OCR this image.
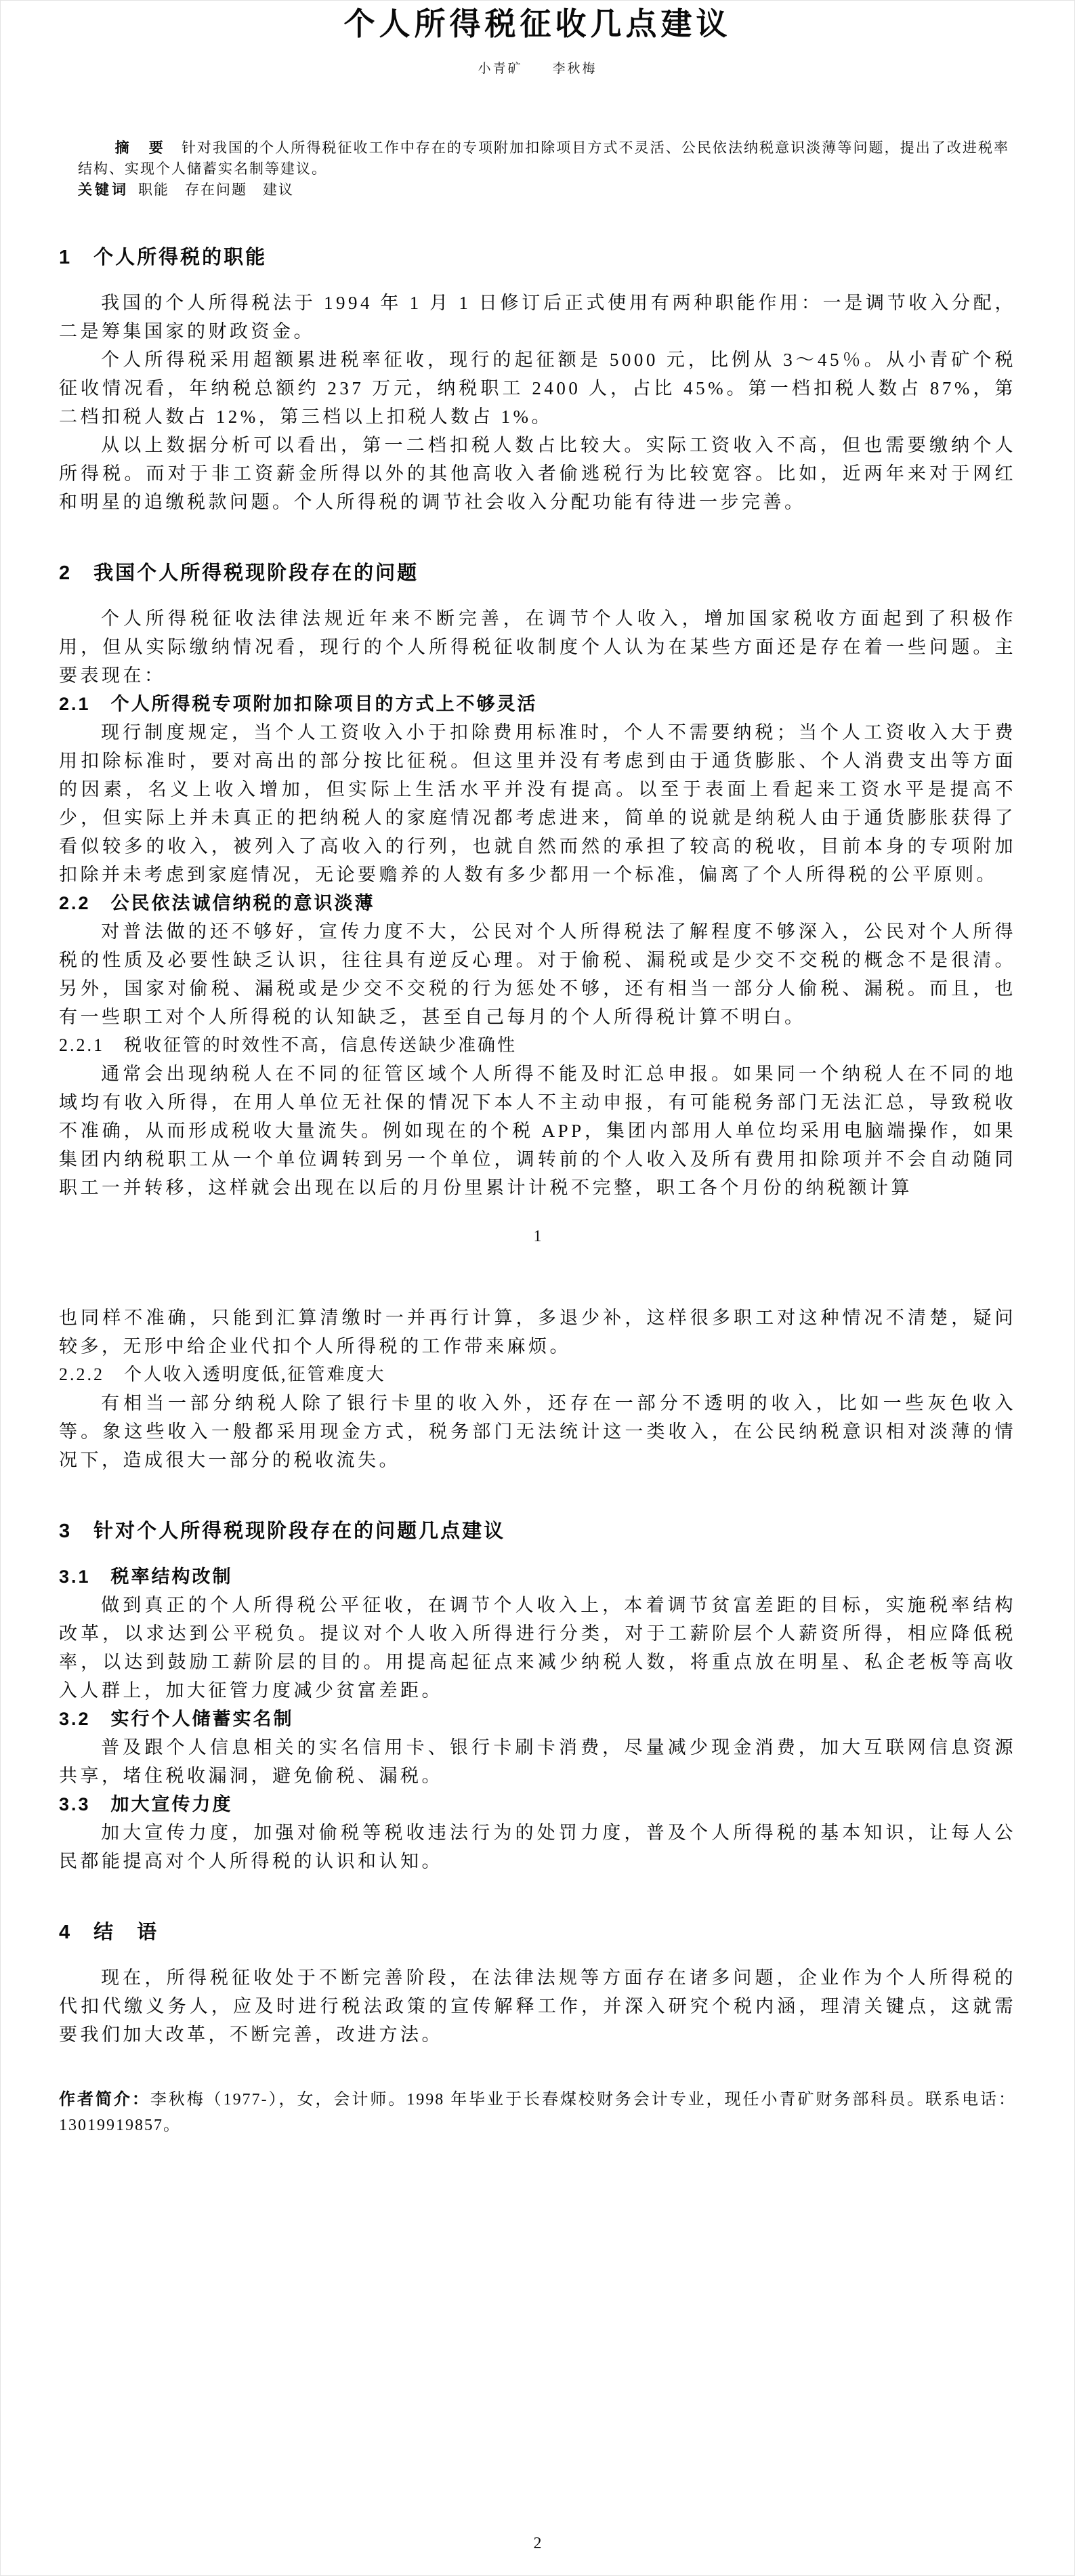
个人所得税征收几点建议
小青矿　　李秋梅

摘　要　 针对我国的个人所得税征收工作中存在的专项附加扣除项目方式不灵活、公民依法纳税意识淡薄等问题，提出了改进税率结构、实现个人储蓄实名制等建议。

关键词 职能　存在问题　建议

1　个人所得税的职能

我国的个人所得税法于 1994 年 1 月 1 日修订后正式使用有两种职能作用：一是调节收入分配，二是筹集国家的财政资金。

个人所得税采用超额累进税率征收，现行的起征额是 5000 元，比例从 3～45％。从小青矿个税征收情况看，年纳税总额约 237 万元，纳税职工 2400 人，占比 45%。第一档扣税人数占 87%，第二档扣税人数占 12%，第三档以上扣税人数占 1%。

从以上数据分析可以看出，第一二档扣税人数占比较大。实际工资收入不高，但也需要缴纳个人所得税。而对于非工资薪金所得以外的其他高收入者偷逃税行为比较宽容。比如，近两年来对于网红和明星的追缴税款问题。个人所得税的调节社会收入分配功能有待进一步完善。

2　我国个人所得税现阶段存在的问题

个人所得税征收法律法规近年来不断完善，在调节个人收入，增加国家税收方面起到了积极作用，但从实际缴纳情况看，现行的个人所得税征收制度个人认为在某些方面还是存在着一些问题。主要表现在：

2.1　个人所得税专项附加扣除项目的方式上不够灵活

现行制度规定，当个人工资收入小于扣除费用标准时，个人不需要纳税；当个人工资收入大于费用扣除标准时，要对高出的部分按比征税。但这里并没有考虑到由于通货膨胀、个人消费支出等方面的因素，名义上收入增加，但实际上生活水平并没有提高。以至于表面上看起来工资水平是提高不少，但实际上并未真正的把纳税人的家庭情况都考虑进来，简单的说就是纳税人由于通货膨胀获得了看似较多的收入，被列入了高收入的行列，也就自然而然的承担了较高的税收，目前本身的专项附加扣除并未考虑到家庭情况，无论要赡养的人数有多少都用一个标准，偏离了个人所得税的公平原则。

2.2　公民依法诚信纳税的意识淡薄

对普法做的还不够好，宣传力度不大，公民对个人所得税法了解程度不够深入，公民对个人所得税的性质及必要性缺乏认识，往往具有逆反心理。对于偷税、漏税或是少交不交税的概念不是很清。另外，国家对偷税、漏税或是少交不交税的行为惩处不够，还有相当一部分人偷税、漏税。而且，也有一些职工对个人所得税的认知缺乏，甚至自己每月的个人所得税计算不明白。

2.2.1　税收征管的时效性不高，信息传送缺少准确性

通常会出现纳税人在不同的征管区域个人所得不能及时汇总申报。如果同一个纳税人在不同的地域均有收入所得，在用人单位无社保的情况下本人不主动申报，有可能税务部门无法汇总，导致税收不准确，从而形成税收大量流失。例如现在的个税 APP，集团内部用人单位均采用电脑端操作，如果集团内纳税职工从一个单位调转到另一个单位，调转前的个人收入及所有费用扣除项并不会自动随同职工一并转移，这样就会出现在以后的月份里累计计税不完整，职工各个月份的纳税额计算

1

也同样不准确，只能到汇算清缴时一并再行计算，多退少补，这样很多职工对这种情况不清楚，疑问较多，无形中给企业代扣个人所得税的工作带来麻烦。

2.2.2　个人收入透明度低,征管难度大

有相当一部分纳税人除了银行卡里的收入外，还存在一部分不透明的收入，比如一些灰色收入等。象这些收入一般都采用现金方式，税务部门无法统计这一类收入，在公民纳税意识相对淡薄的情况下，造成很大一部分的税收流失。

3　针对个人所得税现阶段存在的问题几点建议
3.1　税率结构改制

做到真正的个人所得税公平征收，在调节个人收入上，本着调节贫富差距的目标，实施税率结构改革，以求达到公平税负。提议对个人收入所得进行分类，对于工薪阶层个人薪资所得，相应降低税率，以达到鼓励工薪阶层的目的。用提高起征点来减少纳税人数，将重点放在明星、私企老板等高收入人群上，加大征管力度减少贫富差距。

3.2　实行个人储蓄实名制

普及跟个人信息相关的实名信用卡、银行卡刷卡消费，尽量减少现金消费，加大互联网信息资源共享，堵住税收漏洞，避免偷税、漏税。

3.3　加大宣传力度

加大宣传力度，加强对偷税等税收违法行为的处罚力度，普及个人所得税的基本知识，让每人公民都能提高对个人所得税的认识和认知。

4　结　语

现在，所得税征收处于不断完善阶段，在法律法规等方面存在诸多问题，企业作为个人所得税的代扣代缴义务人，应及时进行税法政策的宣传解释工作，并深入研究个税内涵，理清关键点，这就需要我们加大改革，不断完善，改进方法。

作者简介：李秋梅（1977-），女，会计师。1998 年毕业于长春煤校财务会计专业，现任小青矿财务部科员。联系电话：13019919857。

2
